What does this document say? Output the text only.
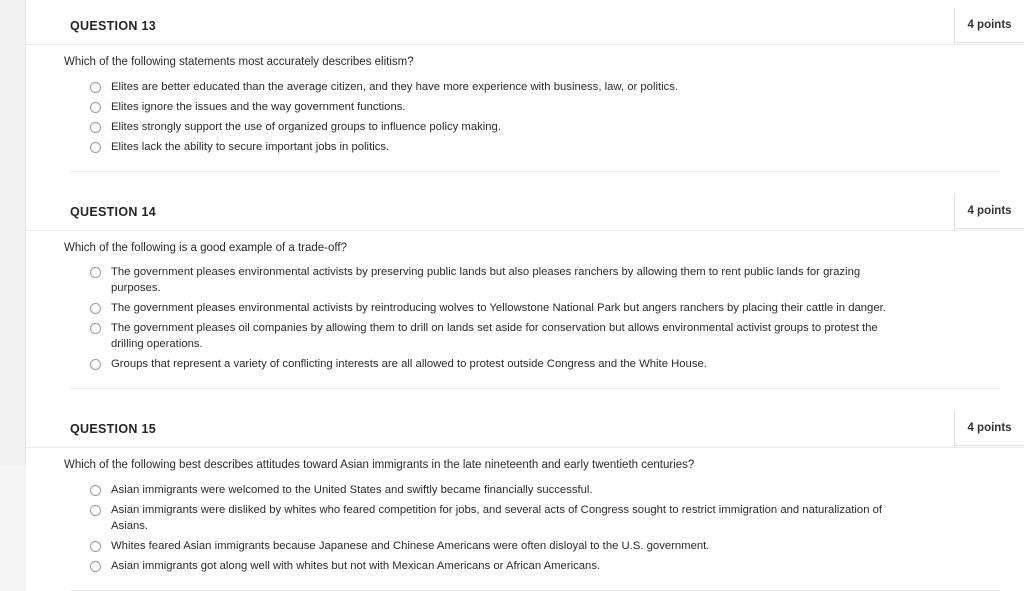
QUESTION 13	4 points
Which of the following statements most accurately describes elitism?
Elites are better educated than the average citizen, and they have more experience with business, law, or politics.
Elites ignore the issues and the way government functions.
Elites strongly support the use of organized groups to influence policy making.
Elites lack the ability to secure important jobs in politics.
QUESTION 14	4 points
Which of the following is a good example of a trade-off?
The government pleases environmental activists by preserving public lands but also pleases ranchers by allowing them to rent public lands for grazing purposes.
The government pleases environmental activists by reintroducing wolves to Yellowstone National Park but angers ranchers by placing their cattle in danger.
The government pleases oil companies by allowing them to drill on lands set aside for conservation but allows environmental activist groups to protest the drilling operations.
Groups that represent a variety of conflicting interests are all allowed to protest outside Congress and the White House.
QUESTION 15	4 points
Which of the following best describes attitudes toward Asian immigrants in the late nineteenth and early twentieth centuries?
Asian immigrants were welcomed to the United States and swiftly became financially successful.
Asian immigrants were disliked by whites who feared competition for jobs, and several acts of Congress sought to restrict immigration and naturalization of Asians.
Whites feared Asian immigrants because Japanese and Chinese Americans were often disloyal to the U.S. government.
Asian immigrants got along well with whites but not with Mexican Americans or African Americans.
